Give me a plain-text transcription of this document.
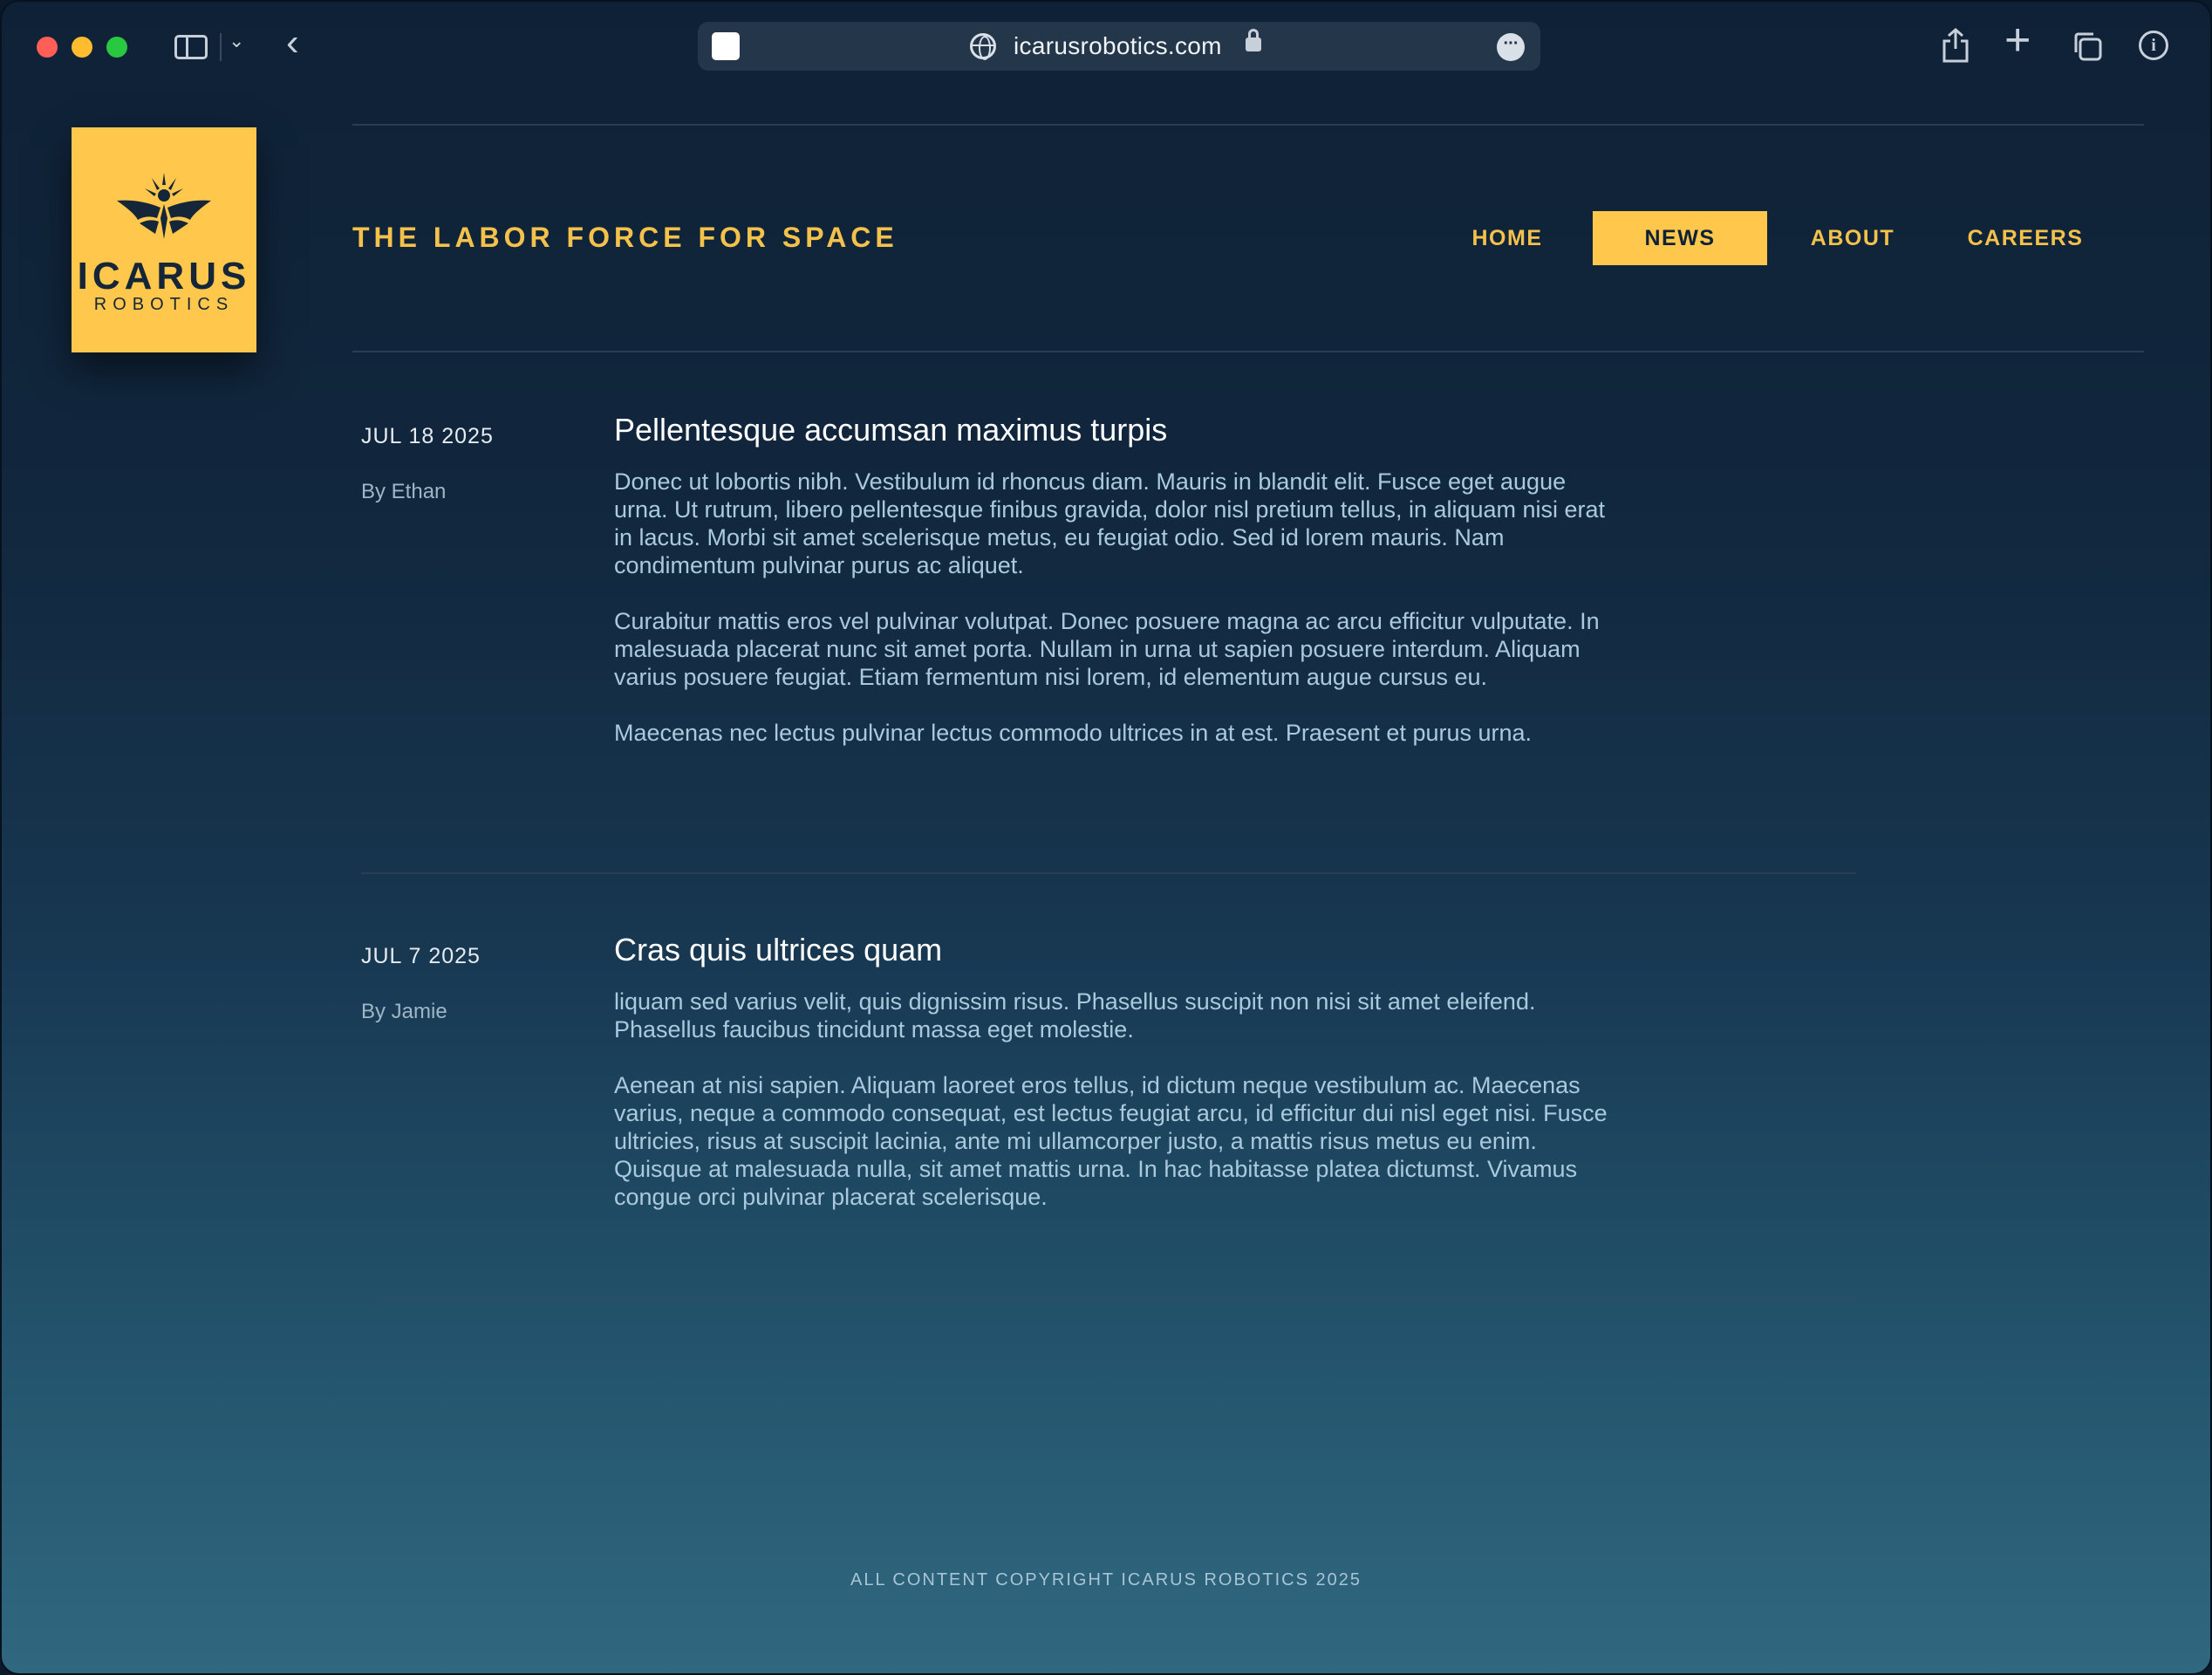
⌄ ‹	icarusrobotics.com	···	+	i
ICARUS
ROBOTICS
THE LABOR FORCE FOR SPACE	HOME	NEWS	ABOUT	CAREERS
JUL 18 2025
By Ethan
Pellentesque accumsan maximus turpis

Donec ut lobortis nibh. Vestibulum id rhoncus diam. Mauris in blandit elit. Fusce eget augue urna. Ut rutrum, libero pellentesque finibus gravida, dolor nisl pretium tellus, in aliquam nisi erat in lacus. Morbi sit amet scelerisque metus, eu feugiat odio. Sed id lorem mauris. Nam condimentum pulvinar purus ac aliquet.

Curabitur mattis eros vel pulvinar volutpat. Donec posuere magna ac arcu efficitur vulputate. In malesuada placerat nunc sit amet porta. Nullam in urna ut sapien posuere interdum. Aliquam varius posuere feugiat. Etiam fermentum nisi lorem, id elementum augue cursus eu.

Maecenas nec lectus pulvinar lectus commodo ultrices in at est. Praesent et purus urna.

JUL 7 2025
By Jamie
Cras quis ultrices quam

liquam sed varius velit, quis dignissim risus. Phasellus suscipit non nisi sit amet eleifend. Phasellus faucibus tincidunt massa eget molestie.

Aenean at nisi sapien. Aliquam laoreet eros tellus, id dictum neque vestibulum ac. Maecenas varius, neque a commodo consequat, est lectus feugiat arcu, id efficitur dui nisl eget nisi. Fusce ultricies, risus at suscipit lacinia, ante mi ullamcorper justo, a mattis risus metus eu enim. Quisque at malesuada nulla, sit amet mattis urna. In hac habitasse platea dictumst. Vivamus congue orci pulvinar placerat scelerisque.

ALL CONTENT COPYRIGHT ICARUS ROBOTICS 2025
